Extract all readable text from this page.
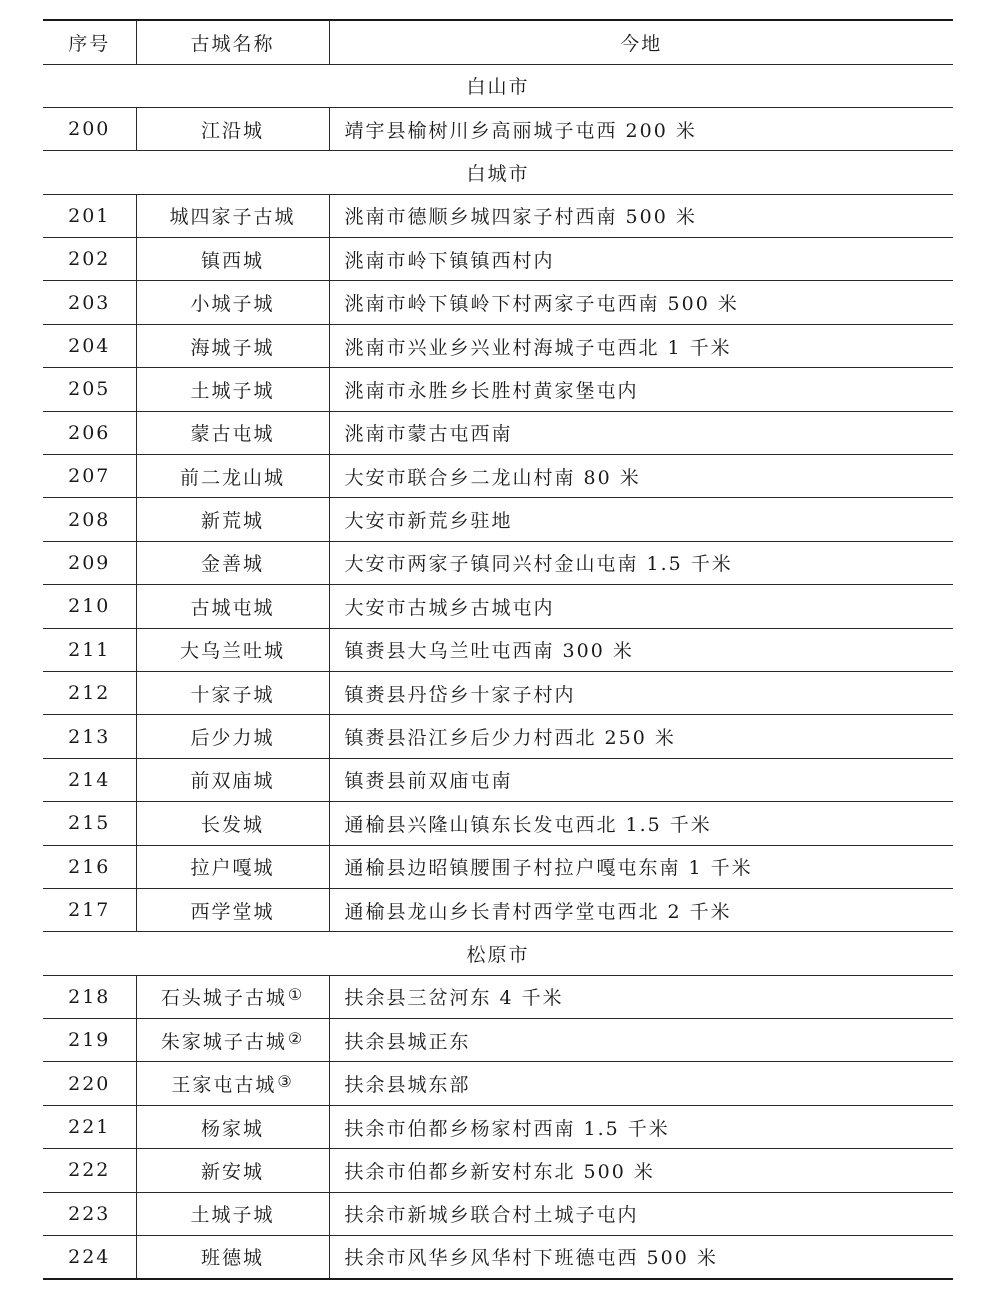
序号	古城名称	今地
白山市		
200	江沿城	靖宇县榆树川乡高丽城子屯西 200 米
白城市		
201	城四家子古城	洮南市德顺乡城四家子村西南 500 米
202	镇西城	洮南市岭下镇镇西村内
203	小城子城	洮南市岭下镇岭下村两家子屯西南 500 米
204	海城子城	洮南市兴业乡兴业村海城子屯西北 1 千米
205	土城子城	洮南市永胜乡长胜村黄家堡屯内
206	蒙古屯城	洮南市蒙古屯西南
207	前二龙山城	大安市联合乡二龙山村南 80 米
208	新荒城	大安市新荒乡驻地
209	金善城	大安市两家子镇同兴村金山屯南 1.5 千米
210	古城屯城	大安市古城乡古城屯内
211	大乌兰吐城	镇赉县大乌兰吐屯西南 300 米
212	十家子城	镇赉县丹岱乡十家子村内
213	后少力城	镇赉县沿江乡后少力村西北 250 米
214	前双庙城	镇赉县前双庙屯南
215	长发城	通榆县兴隆山镇东长发屯西北 1.5 千米
216	拉户嘎城	通榆县边昭镇腰围子村拉户嘎屯东南 1 千米
217	西学堂城	通榆县龙山乡长青村西学堂屯西北 2 千米
松原市		
218	石头城子古城①	扶余县三岔河东 4 千米
219	朱家城子古城②	扶余县城正东
220	王家屯古城③	扶余县城东部
221	杨家城	扶余市伯都乡杨家村西南 1.5 千米
222	新安城	扶余市伯都乡新安村东北 500 米
223	土城子城	扶余市新城乡联合村土城子屯内
224	班德城	扶余市风华乡风华村下班德屯西 500 米
